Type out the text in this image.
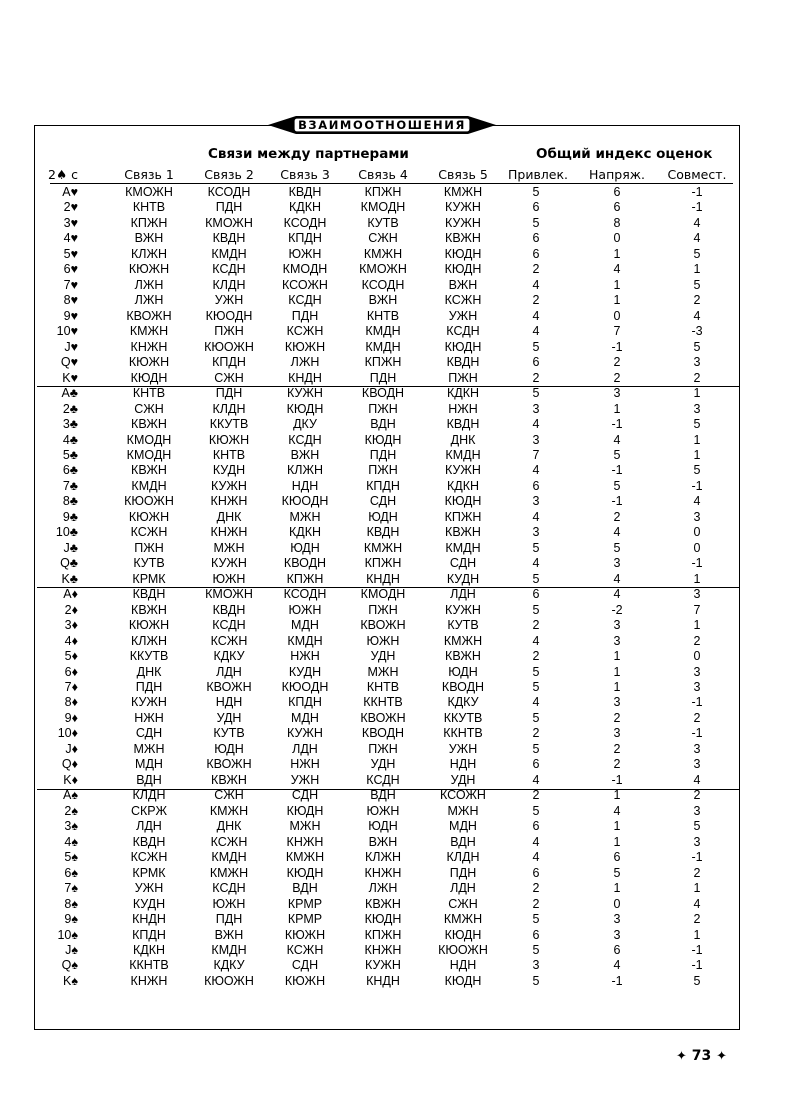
ВЗАИМООТНОШЕНИЯ
Связи между партнерами	Общий индекс оценок
2♠ с	Связь 1	Связь 2	Связь 3	Связь 4	Связь 5	Привлек.	Напряж.	Совмест.
A♥	КМОЖН	КСОДН	КВДН	КПЖН	КМЖН	5	6	-1
2♥	КНТВ	ПДН	КДКН	КМОДН	КУЖН	6	6	-1
3♥	КПЖН	КМОЖН	КСОДН	КУТВ	КУЖН	5	8	4
4♥	ВЖН	КВДН	КПДН	СЖН	КВЖН	6	0	4
5♥	КЛЖН	КМДН	ЮЖН	КМЖН	КЮДН	6	1	5
6♥	КЮЖН	КСДН	КМОДН	КМОЖН	КЮДН	2	4	1
7♥	ЛЖН	КЛДН	КСОЖН	КСОДН	ВЖН	4	1	5
8♥	ЛЖН	УЖН	КСДН	ВЖН	КСЖН	2	1	2
9♥	КВОЖН	КЮОДН	ПДН	КНТВ	УЖН	4	0	4
10♥	КМЖН	ПЖН	КСЖН	КМДН	КСДН	4	7	-3
J♥	КНЖН	КЮОЖН	КЮЖН	КМДН	КЮДН	5	-1	5
Q♥	КЮЖН	КПДН	ЛЖН	КПЖН	КВДН	6	2	3
K♥	КЮДН	СЖН	КНДН	ПДН	ПЖН	2	2	2
A♣	КНТВ	ПДН	КУЖН	КВОДН	КДКН	5	3	1
2♣	СЖН	КЛДН	КЮДН	ПЖН	НЖН	3	1	3
3♣	КВЖН	ККУТВ	ДКУ	ВДН	КВДН	4	-1	5
4♣	КМОДН	КЮЖН	КСДН	КЮДН	ДНК	3	4	1
5♣	КМОДН	КНТВ	ВЖН	ПДН	КМДН	7	5	1
6♣	КВЖН	КУДН	КЛЖН	ПЖН	КУЖН	4	-1	5
7♣	КМДН	КУЖН	НДН	КПДН	КДКН	6	5	-1
8♣	КЮОЖН	КНЖН	КЮОДН	СДН	КЮДН	3	-1	4
9♣	КЮЖН	ДНК	МЖН	ЮДН	КПЖН	4	2	3
10♣	КСЖН	КНЖН	КДКН	КВДН	КВЖН	3	4	0
J♣	ПЖН	МЖН	ЮДН	КМЖН	КМДН	5	5	0
Q♣	КУТВ	КУЖН	КВОДН	КПЖН	СДН	4	3	-1
K♣	КРМК	ЮЖН	КПЖН	КНДН	КУДН	5	4	1
A♦	КВДН	КМОЖН	КСОДН	КМОДН	ЛДН	6	4	3
2♦	КВЖН	КВДН	ЮЖН	ПЖН	КУЖН	5	-2	7
3♦	КЮЖН	КСДН	МДН	КВОЖН	КУТВ	2	3	1
4♦	КЛЖН	КСЖН	КМДН	ЮЖН	КМЖН	4	3	2
5♦	ККУТВ	КДКУ	НЖН	УДН	КВЖН	2	1	0
6♦	ДНК	ЛДН	КУДН	МЖН	ЮДН	5	1	3
7♦	ПДН	КВОЖН	КЮОДН	КНТВ	КВОДН	5	1	3
8♦	КУЖН	НДН	КПДН	ККНТВ	КДКУ	4	3	-1
9♦	НЖН	УДН	МДН	КВОЖН	ККУТВ	5	2	2
10♦	СДН	КУТВ	КУЖН	КВОДН	ККНТВ	2	3	-1
J♦	МЖН	ЮДН	ЛДН	ПЖН	УЖН	5	2	3
Q♦	МДН	КВОЖН	НЖН	УДН	НДН	6	2	3
K♦	ВДН	КВЖН	УЖН	КСДН	УДН	4	-1	4
A♠	КЛДН	СЖН	СДН	ВДН	КСОЖН	2	1	2
2♠	СКРЖ	КМЖН	КЮДН	ЮЖН	МЖН	5	4	3
3♠	ЛДН	ДНК	МЖН	ЮДН	МДН	6	1	5
4♠	КВДН	КСЖН	КНЖН	ВЖН	ВДН	4	1	3
5♠	КСЖН	КМДН	КМЖН	КЛЖН	КЛДН	4	6	-1
6♠	КРМК	КМЖН	КЮДН	КНЖН	ПДН	6	5	2
7♠	УЖН	КСДН	ВДН	ЛЖН	ЛДН	2	1	1
8♠	КУДН	ЮЖН	КРМР	КВЖН	СЖН	2	0	4
9♠	КНДН	ПДН	КРМР	КЮДН	КМЖН	5	3	2
10♠	КПДН	ВЖН	КЮЖН	КПЖН	КЮДН	6	3	1
J♠	КДКН	КМДН	КСЖН	КНЖН	КЮОЖН	5	6	-1
Q♠	ККНТВ	КДКУ	СДН	КУЖН	НДН	3	4	-1
K♠	КНЖН	КЮОЖН	КЮЖН	КНДН	КЮДН	5	-1	5
✦ 73 ✦
